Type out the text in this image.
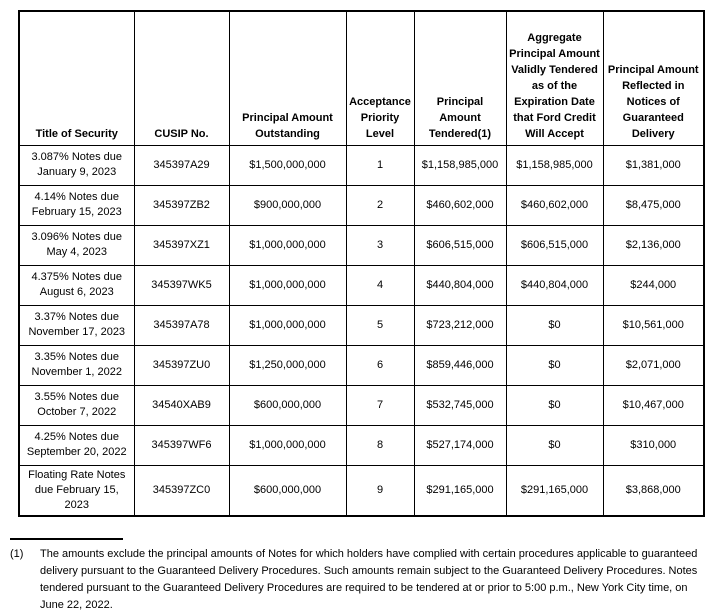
Title of Security	CUSIP No.	Principal Amount Outstanding	Acceptance Priority Level	Principal Amount Tendered(1)	Aggregate Principal Amount Validly Tendered as of the Expiration Date that Ford Credit Will Accept	Principal Amount Reflected in Notices of Guaranteed Delivery
3.087% Notes due January 9, 2023	345397A29	$1,500,000,000	1	$1,158,985,000	$1,158,985,000	$1,381,000
4.14% Notes due February 15, 2023	345397ZB2	$900,000,000	2	$460,602,000	$460,602,000	$8,475,000
3.096% Notes due May 4, 2023	345397XZ1	$1,000,000,000	3	$606,515,000	$606,515,000	$2,136,000
4.375% Notes due August 6, 2023	345397WK5	$1,000,000,000	4	$440,804,000	$440,804,000	$244,000
3.37% Notes due November 17, 2023	345397A78	$1,000,000,000	5	$723,212,000	$0	$10,561,000
3.35% Notes due November 1, 2022	345397ZU0	$1,250,000,000	6	$859,446,000	$0	$2,071,000
3.55% Notes due October 7, 2022	34540XAB9	$600,000,000	7	$532,745,000	$0	$10,467,000
4.25% Notes due September 20, 2022	345397WF6	$1,000,000,000	8	$527,174,000	$0	$310,000
Floating Rate Notes due February 15, 2023	345397ZC0	$600,000,000	9	$291,165,000	$291,165,000	$3,868,000
(1)	The amounts exclude the principal amounts of Notes for which holders have complied with certain procedures applicable to guaranteed delivery pursuant to the Guaranteed Delivery Procedures. Such amounts remain subject to the Guaranteed Delivery Procedures. Notes tendered pursuant to the Guaranteed Delivery Procedures are required to be tendered at or prior to 5:00 p.m., New York City time, on June 22, 2022.
